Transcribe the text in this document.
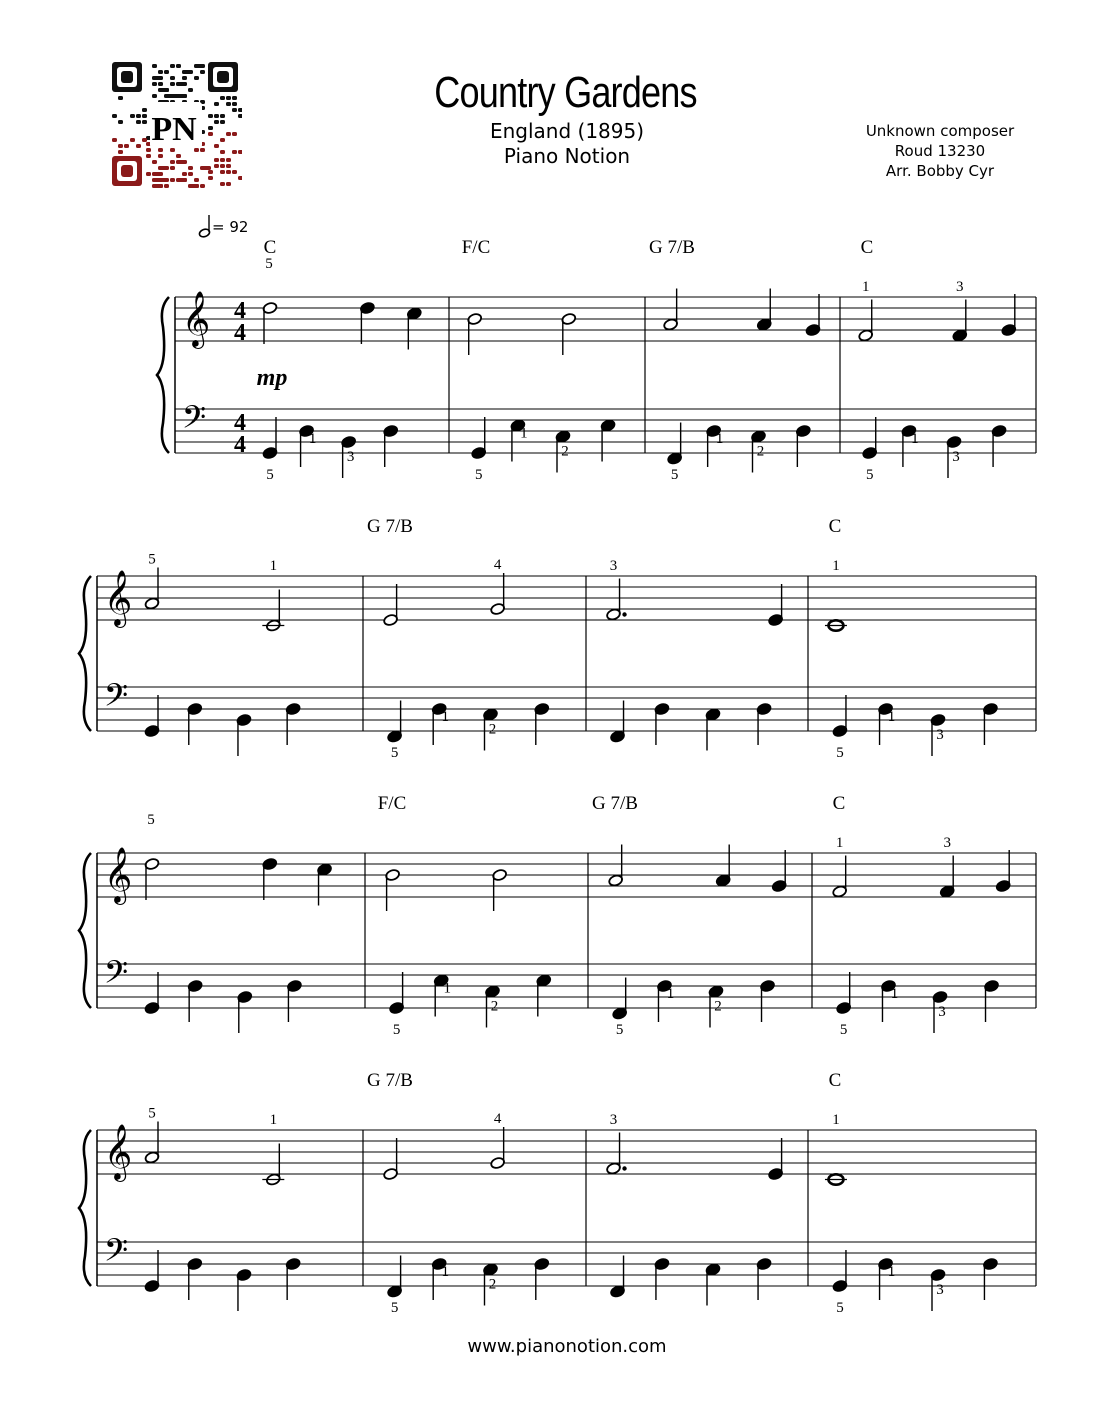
PN
Country Gardens
England (1895)
Piano Notion
Unknown composer
Roud 13230
Arr. Bobby Cyr
= 92
𝄞
𝄢
4
4
4
4
mp
C	F/C	G 7/B	C
5
1	3
5
1
3
5
1
2
5
1
2
5
1
3
𝄞
𝄢
G 7/B	C
5	1	4	3	1
5
1
2
5
1
3
𝄞
𝄢
F/C	G 7/B	C
5
1	3
5
1
2
5
1
2
5
1
3
𝄞
𝄢
G 7/B	C
5	1	4	3	1
5
1
2
5
1
3
www.pianonotion.com
